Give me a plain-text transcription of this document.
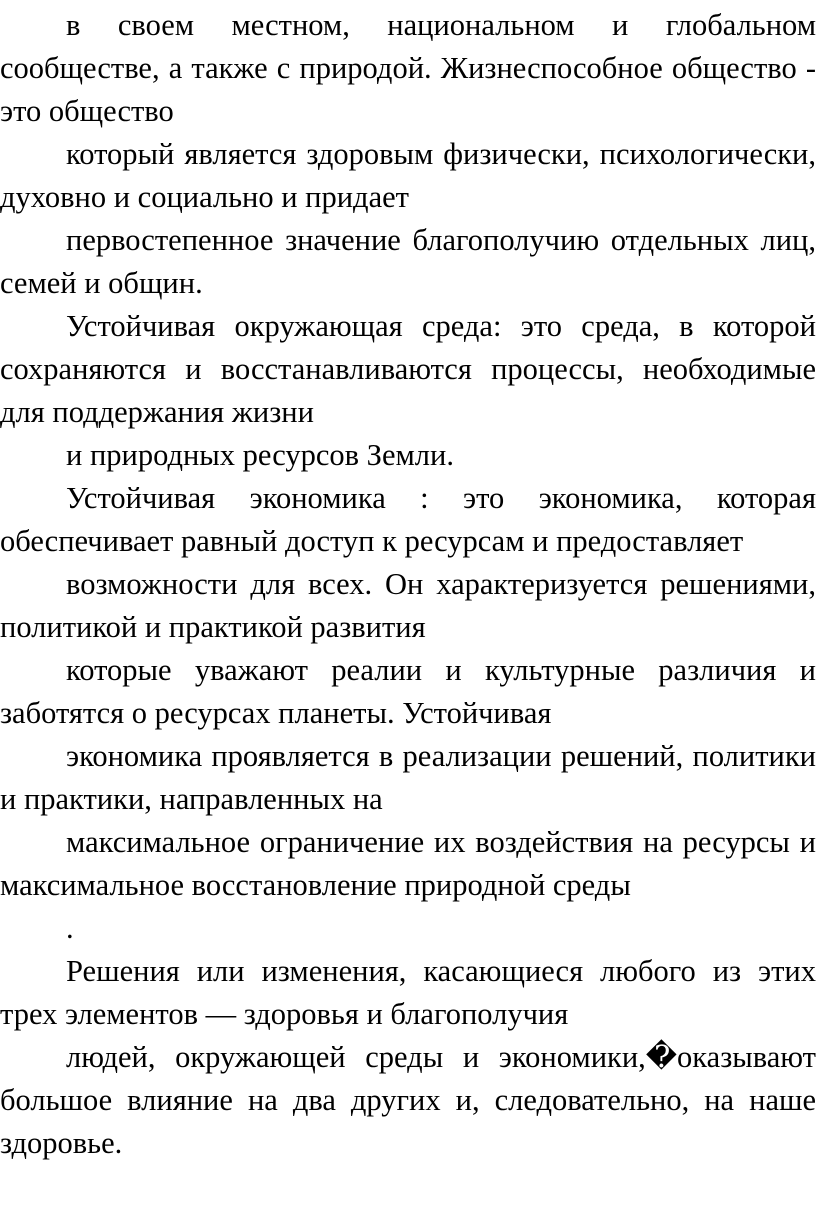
в своем местном, национальном и глобальном сообществе, а также с природой. Жизнеспособное общество - это общество

который является здоровым физически, психологически, духовно и социально и придает

первостепенное значение благополучию отдельных лиц, семей и общин.

Устойчивая окружающая среда: это среда, в которой сохраняются и восстанавливаются процессы, необходимые для поддержания жизни

и природных ресурсов Земли.

Устойчивая экономика : это экономика, которая обеспечивает равный доступ к ресурсам и предоставляет

возможности для всех. Он характеризуется решениями, политикой и практикой развития

которые уважают реалии и культурные различия и заботятся о ресурсах планеты. Устойчивая

экономика проявляется в реализации решений, политики и практики, направленных на

максимальное ограничение их воздействия на ресурсы и максимальное восстановление природной среды

.

Решения или изменения, касающиеся любого из этих трех элементов — здоровья и благополучия

людей, окружающей среды и экономики,�оказывают большое влияние на два других и, следовательно, на наше здоровье.
